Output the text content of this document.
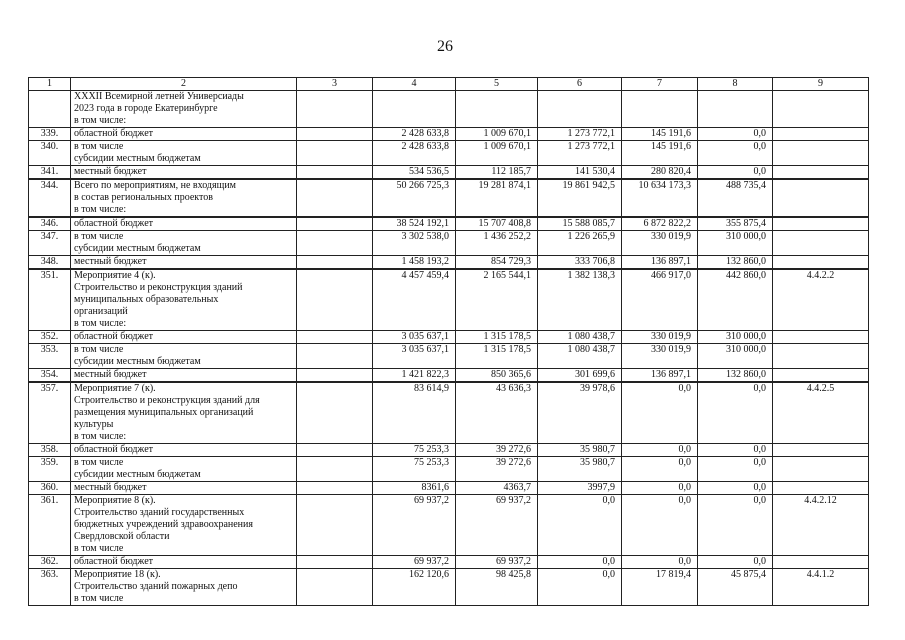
26
1	2	3	4	5	6	7	8	9
	XXXII Всемирной летней Универсиады
2023 года в городе Екатеринбурге
в том числе:							
339.	областной бюджет		2 428 633,8	1 009 670,1	1 273 772,1	145 191,6	0,0	
340.	в том числе
субсидии местным бюджетам		2 428 633,8	1 009 670,1	1 273 772,1	145 191,6	0,0	
341.	местный бюджет		534 536,5	112 185,7	141 530,4	280 820,4	0,0	
344.	Всего по мероприятиям, не входящим
в состав региональных проектов
в том числе:		50 266 725,3	19 281 874,1	19 861 942,5	10 634 173,3	488 735,4	
346.	областной бюджет		38 524 192,1	15 707 408,8	15 588 085,7	6 872 822,2	355 875,4	
347.	в том числе
субсидии местным бюджетам		3 302 538,0	1 436 252,2	1 226 265,9	330 019,9	310 000,0	
348.	местный бюджет		1 458 193,2	854 729,3	333 706,8	136 897,1	132 860,0	
351.	Мероприятие 4 (к).
Строительство и реконструкция зданий
муниципальных образовательных
организаций
в том числе:		4 457 459,4	2 165 544,1	1 382 138,3	466 917,0	442 860,0	4.4.2.2
352.	областной бюджет		3 035 637,1	1 315 178,5	1 080 438,7	330 019,9	310 000,0	
353.	в том числе
субсидии местным бюджетам		3 035 637,1	1 315 178,5	1 080 438,7	330 019,9	310 000,0	
354.	местный бюджет		1 421 822,3	850 365,6	301 699,6	136 897,1	132 860,0	
357.	Мероприятие 7 (к).
Строительство и реконструкция зданий для
размещения муниципальных организаций
культуры
в том числе:		83 614,9	43 636,3	39 978,6	0,0	0,0	4.4.2.5
358.	областной бюджет		75 253,3	39 272,6	35 980,7	0,0	0,0	
359.	в том числе
субсидии местным бюджетам		75 253,3	39 272,6	35 980,7	0,0	0,0	
360.	местный бюджет		8361,6	4363,7	3997,9	0,0	0,0	
361.	Мероприятие 8 (к).
Строительство зданий государственных
бюджетных учреждений здравоохранения
Свердловской области
в том числе		69 937,2	69 937,2	0,0	0,0	0,0	4.4.2.12
362.	областной бюджет		69 937,2	69 937,2	0,0	0,0	0,0	
363.	Мероприятие 18 (к).
Строительство зданий пожарных депо
в том числе		162 120,6	98 425,8	0,0	17 819,4	45 875,4	4.4.1.2
